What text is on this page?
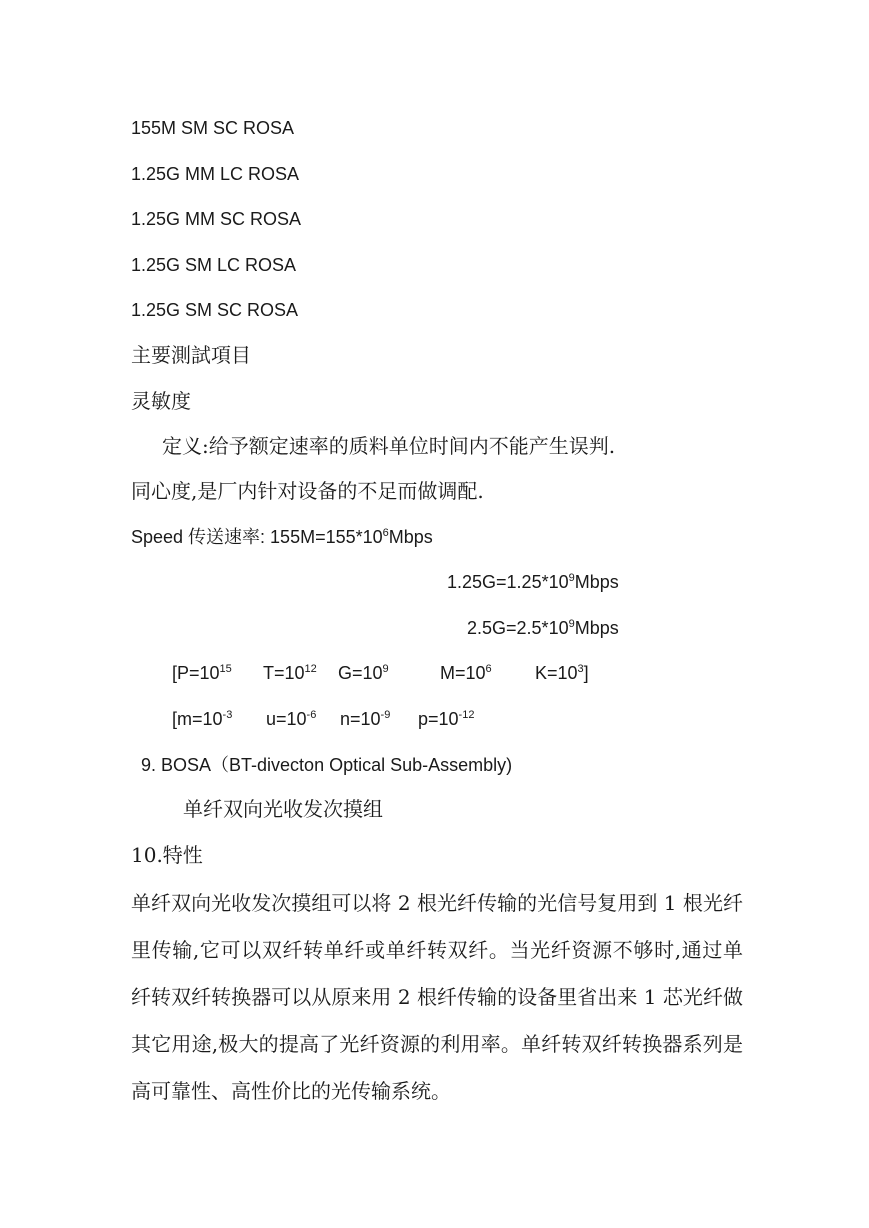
155M SM SC ROSA
1.25G MM LC ROSA
1.25G MM SC ROSA
1.25G SM LC ROSA
1.25G SM SC ROSA
主要測試項目
灵敏度
定义:给予额定速率的质料单位时间内不能产生误判.
同心度,是厂内针对设备的不足而做调配.
Speed 传送速率: $155M=155*10^6Mbps$
$1.25G=1.25*10^9Mbps$
$2.5G=2.5*10^9Mbps$
[$P=10^{15}$ $T=10^{12}$ $G=10^9$	$M=10^6$ $K=10^3$]
[$m=10^{-3}$ $u=10^{-6}$ $n=10^{-9}$ $p=10^{-12}$
9. BOSA（BT-divecton Optical Sub-Assembly)
单纤双向光收发次摸组
10.特性
单纤双向光收发次摸组可以将 2 根光纤传输的光信号复用到 1 根光纤里传输,它可以双纤转单纤或单纤转双纤。当光纤资源不够时,通过单纤转双纤转换器可以从原来用 2 根纤传输的设备里省出来 1 芯光纤做其它用途,极大的提高了光纤资源的利用率。单纤转双纤转换器系列是高可靠性、高性价比的光传输系统。
